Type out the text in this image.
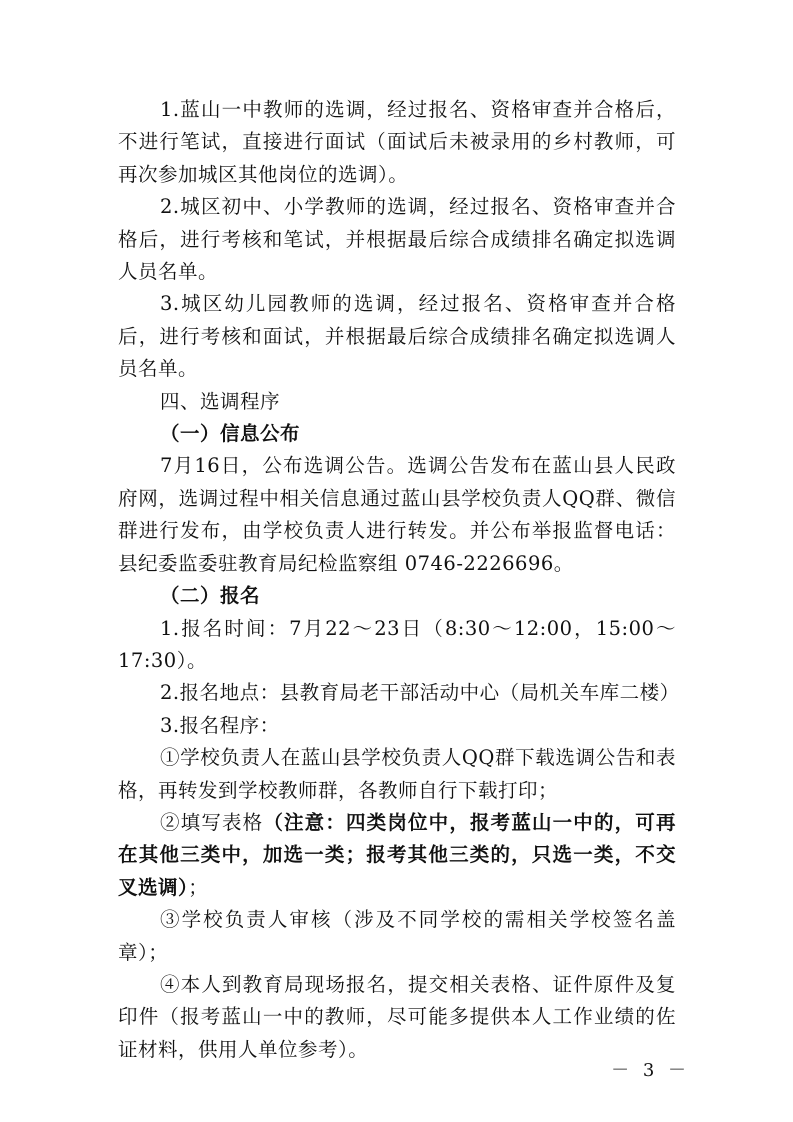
1.蓝山一中教师的选调，经过报名、资格审查并合格后，不进行笔试，直接进行面试（面试后未被录用的乡村教师，可再次参加城区其他岗位的选调）。

2.城区初中、小学教师的选调，经过报名、资格审查并合格后，进行考核和笔试，并根据最后综合成绩排名确定拟选调人员名单。

3.城区幼儿园教师的选调，经过报名、资格审查并合格后，进行考核和面试，并根据最后综合成绩排名确定拟选调人员名单。

四、选调程序

（一）信息公布

7月16日，公布选调公告。选调公告发布在蓝山县人民政府网，选调过程中相关信息通过蓝山县学校负责人QQ群、微信群进行发布，由学校负责人进行转发。并公布举报监督电话：县纪委监委驻教育局纪检监察组 0746-2226696。

（二）报名

1.报名时间：7月22～23日（8:30～12:00，15:00～17:30）。

2.报名地点：县教育局老干部活动中心（局机关车库二楼）

3.报名程序：

①学校负责人在蓝山县学校负责人QQ群下载选调公告和表格，再转发到学校教师群，各教师自行下载打印；

②填写表格（注意：四类岗位中，报考蓝山一中的，可再在其他三类中，加选一类；报考其他三类的，只选一类，不交叉选调）；

③学校负责人审核（涉及不同学校的需相关学校签名盖章）；

④本人到教育局现场报名，提交相关表格、证件原件及复印件（报考蓝山一中的教师，尽可能多提供本人工作业绩的佐证材料，供用人单位参考）。

－ 3 －
